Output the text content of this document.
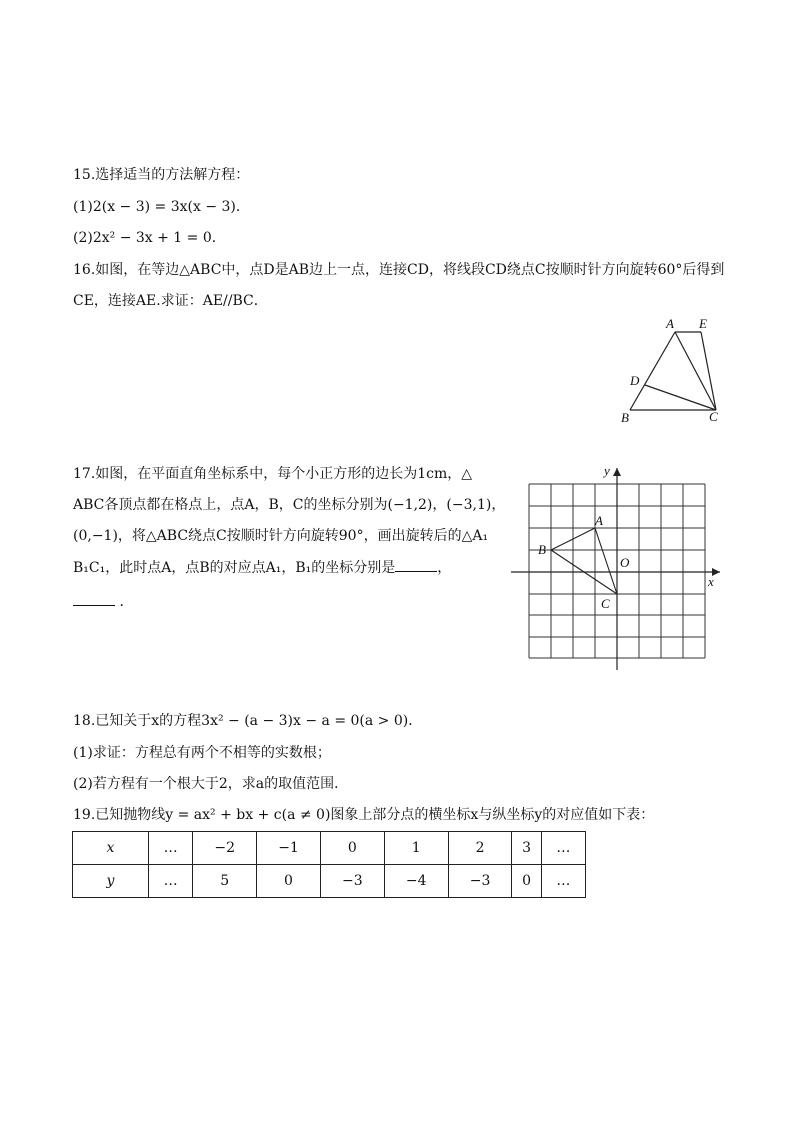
15.选择适当的方法解方程：
(1)2(x − 3) = 3x(x − 3)．
(2)2x² − 3x + 1 = 0．
16.如图，在等边△ABC中，点D是AB边上一点，连接CD，将线段CD绕点C按顺时针方向旋转60°后得到
CE，连接AE.求证：AE//BC．
A E
D
B	C
17.如图，在平面直角坐标系中，每个小正方形的边长为1cm，△
ABC各顶点都在格点上，点A，B，C的坐标分别为(−1,2)，(−3,1)，
(0,−1)，将△ABC绕点C按顺时针方向旋转90°，画出旋转后的△A₁
B₁C₁，此时点A，点B的对应点A₁，B₁的坐标分别是	，
．
y
x
A
B
O
C
18.已知关于x的方程3x² − (a − 3)x − a = 0(a > 0)．
(1)求证：方程总有两个不相等的实数根；
(2)若方程有一个根大于2，求a的取值范围．
19.已知抛物线y = ax² + bx + c(a ≠ 0)图象上部分点的横坐标x与纵坐标y的对应值如下表：
x	…	−2	−1	0	1	2	3	…
y	…	5	0	−3	−4	−3	0	…
